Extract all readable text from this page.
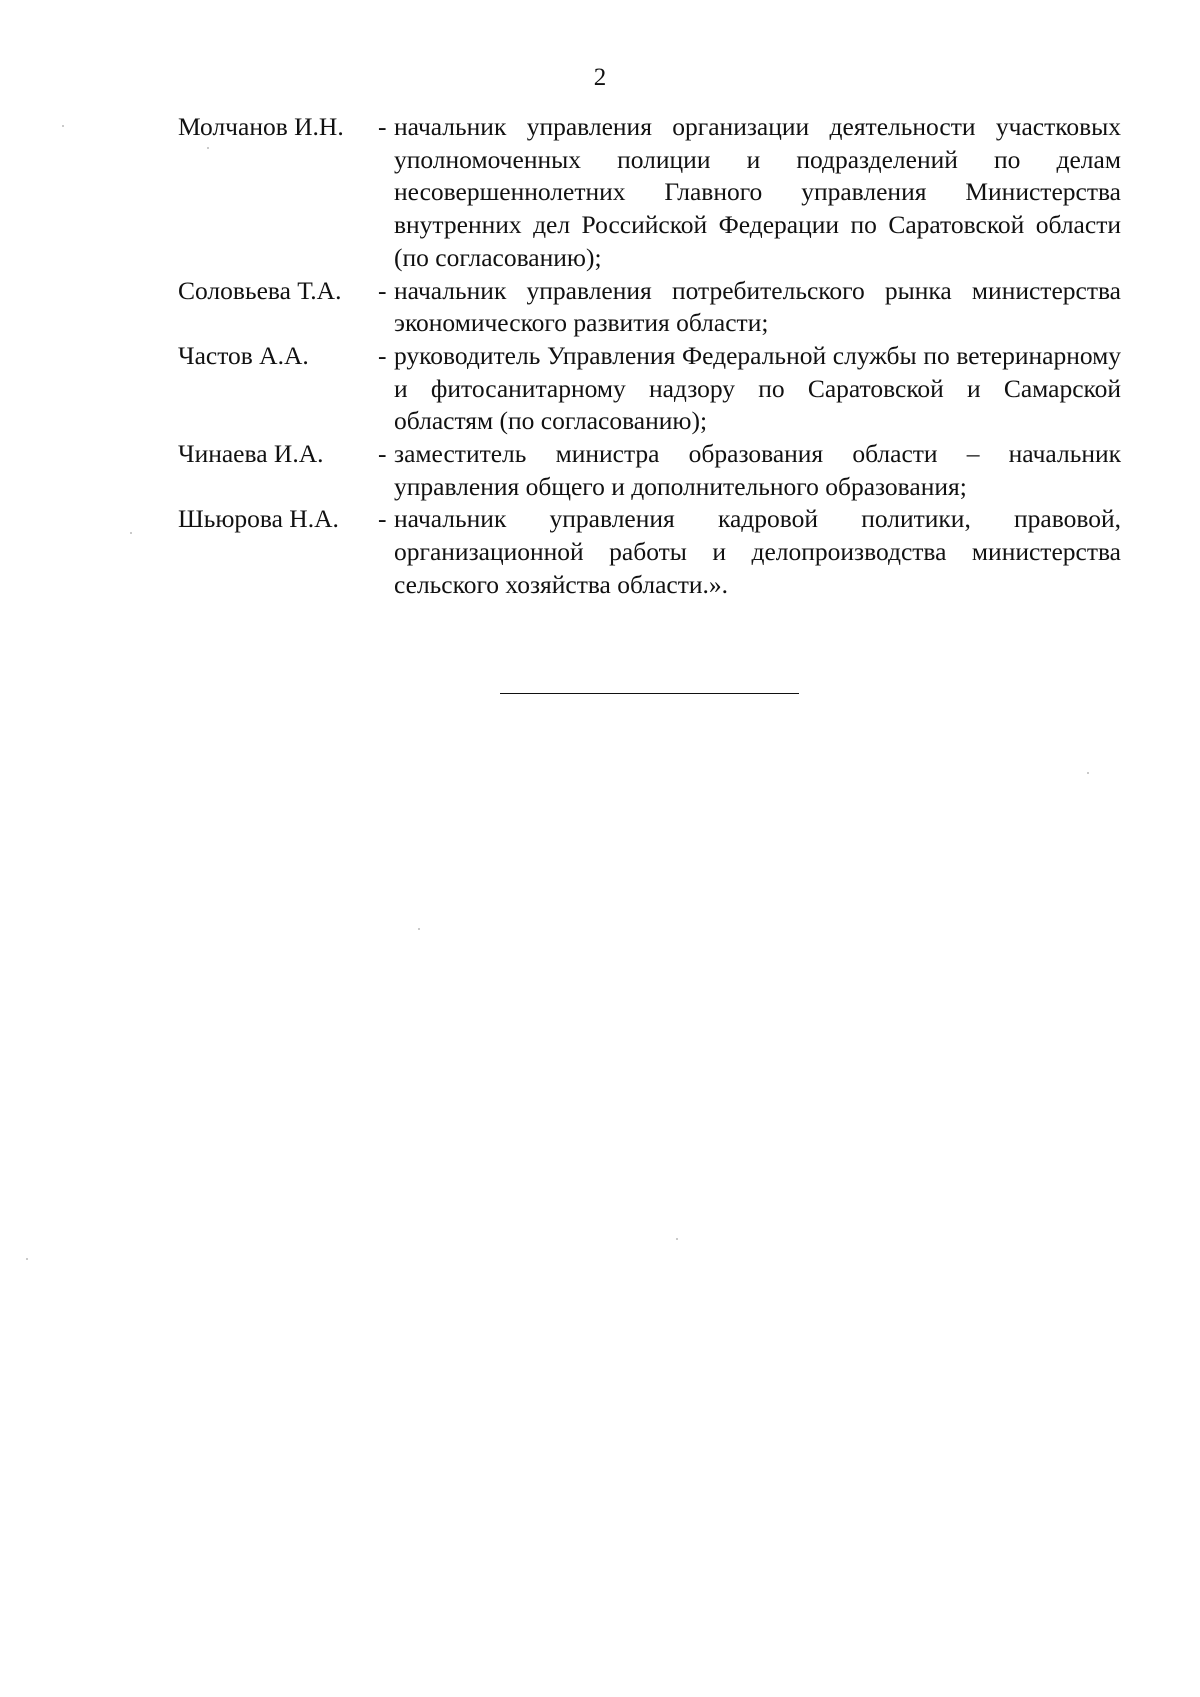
2
Молчанов И.Н.	- начальник управления организации деятельности участковых уполномоченных полиции и подразделений по делам несовершеннолетних Главного управления Министерства внутренних дел Российской Федерации по Саратовской области (по согласованию);
Соловьева Т.А.	- начальник управления потребительского рынка министерства экономического развития области;
Частов А.А.	- руководитель Управления Федеральной службы по ветеринарному и фитосанитарному надзору по Саратовской и Самарской областям (по согласованию);
Чинаева И.А.	- заместитель министра образования области – начальник управления общего и дополнительного образования;
Шьюрова Н.А.	- начальник управления кадровой политики, правовой, организационной работы и делопроизводства министерства сельского хозяйства области.».
